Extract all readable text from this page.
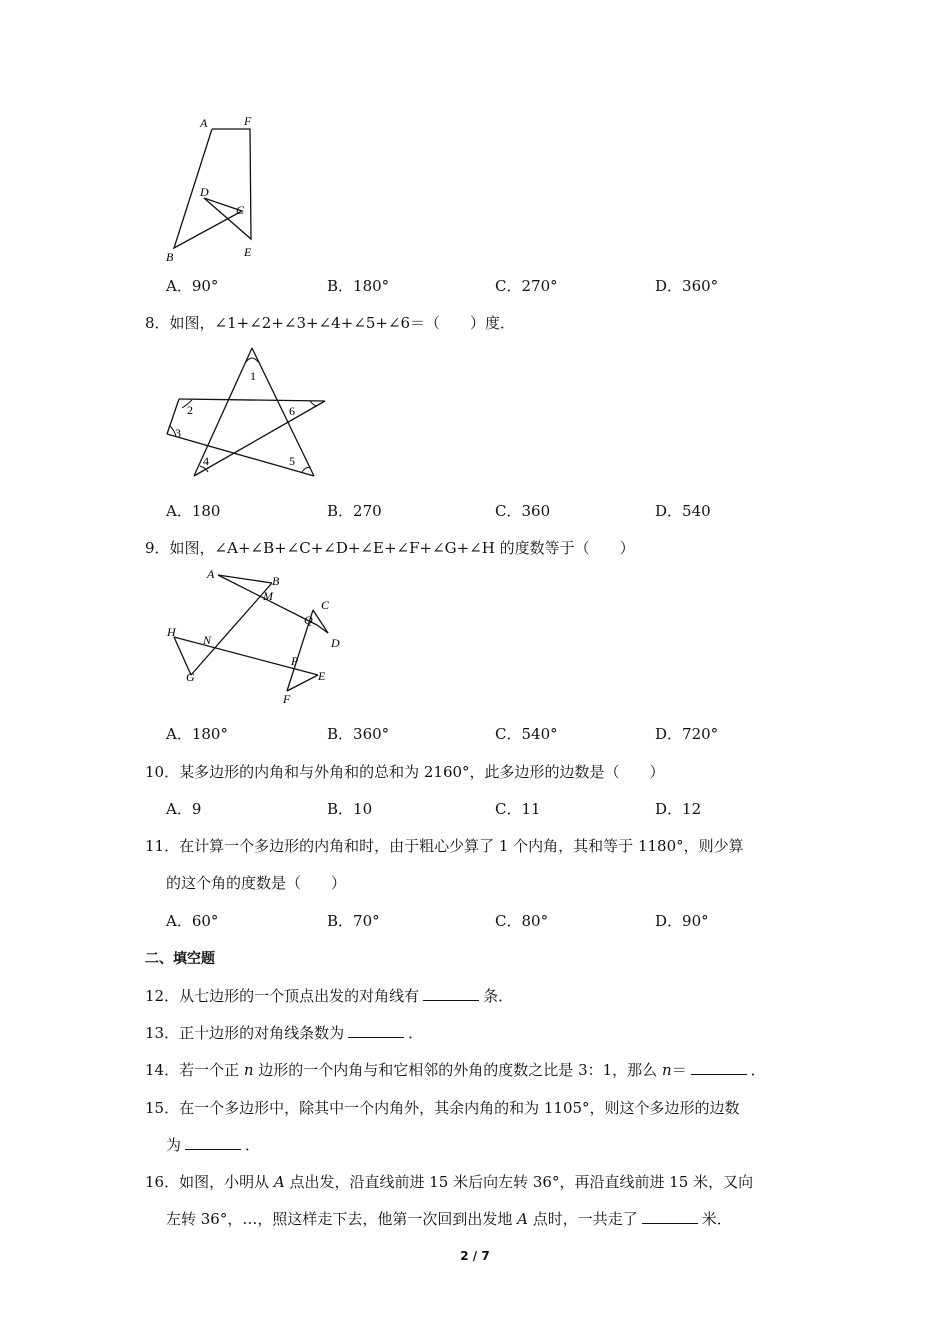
A	F
D
C
B	E
A．90°	B．180°	C．270°	D．360°
8．如图，∠1+∠2+∠3+∠4+∠5+∠6＝（　　）度．
1
2
3
4	5
6
A．180	B．270	C．360	D．540
9．如图，∠A+∠B+∠C+∠D+∠E+∠F+∠G+∠H 的度数等于（　　）
A	B
M
C
Q
D
H
N
P
E
G
F
A．180°	B．360°	C．540°	D．720°
10．某多边形的内角和与外角和的总和为 2160°，此多边形的边数是（　　）
A．9	B．10	C．11	D．12
11．在计算一个多边形的内角和时，由于粗心少算了 1 个内角，其和等于 1180°，则少算
的这个角的度数是（　　）
A．60°	B．70°	C．80°	D．90°
二、填空题
12．从七边形的一个顶点出发的对角线有	条．
13．正十边形的对角线条数为	．
14．若一个正 n 边形的一个内角与和它相邻的外角的度数之比是 3：1，那么 n＝	．
15．在一个多边形中，除其中一个内角外，其余内角的和为 1105°，则这个多边形的边数
为	．
16．如图，小明从 A 点出发，沿直线前进 15 米后向左转 36°，再沿直线前进 15 米，又向
左转 36°，…，照这样走下去，他第一次回到出发地 A 点时，一共走了	米．
2 / 7
